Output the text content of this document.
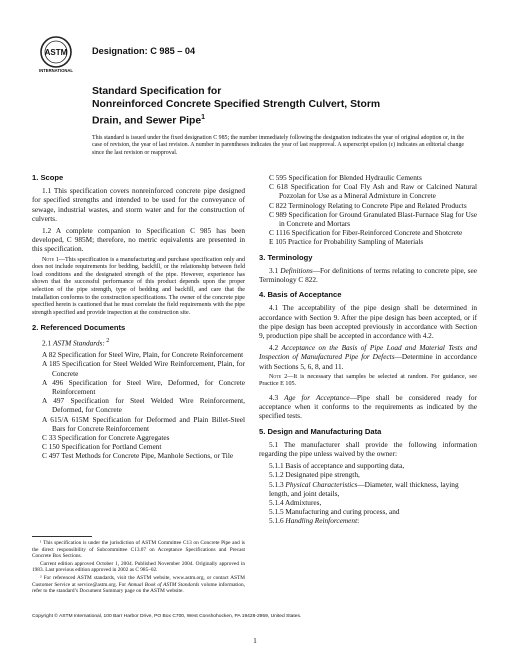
ASTM
INTERNATIONAL
Designation: C 985 – 04
Standard Specification for
Nonreinforced Concrete Specified Strength Culvert, Storm
Drain, and Sewer Pipe$^1$
This standard is issued under the fixed designation C 985; the number immediately following the designation indicates the year of original adoption or, in the case of revision, the year of last revision. A number in parentheses indicates the year of last reapproval. A superscript epsilon (ε) indicates an editorial change since the last revision or reapproval.
1. Scope

1.1 This specification covers nonreinforced concrete pipe designed for specified strengths and intended to be used for the conveyance of sewage, industrial wastes, and storm water and for the construction of culverts.

1.2 A complete companion to Specification C 985 has been developed, C 985M; therefore, no metric equivalents are presented in this specification.

Note 1—This specification is a manufacturing and purchase specification only and does not include requirements for bedding, backfill, or the relationship between field load conditions and the designated strength of the pipe. However, experience has shown that the successful performance of this product depends upon the proper selection of the pipe strength, type of bedding and backfill, and care that the installation conforms to the construction specifications. The owner of the concrete pipe specified herein is cautioned that he must correlate the field requirements with the pipe strength specified and provide inspection at the construction site.

2. Referenced Documents

2.1 ASTM Standards: $^2$

A 82 Specification for Steel Wire, Plain, for Concrete Reinforcement
A 185 Specification for Steel Welded Wire Reinforcement, Plain, for Concrete
A 496 Specification for Steel Wire, Deformed, for Concrete Reinforcement
A 497 Specification for Steel Welded Wire Reinforcement, Deformed, for Concrete
A 615/A 615M Specification for Deformed and Plain Billet-Steel Bars for Concrete Reinforcement
C 33 Specification for Concrete Aggregates
C 150 Specification for Portland Cement
C 497 Test Methods for Concrete Pipe, Manhole Sections, or Tile
C 595 Specification for Blended Hydraulic Cements
C 618 Specification for Coal Fly Ash and Raw or Calcined Natural Pozzolan for Use as a Mineral Admixture in Concrete
C 822 Terminology Relating to Concrete Pipe and Related Products
C 989 Specification for Ground Granulated Blast-Furnace Slag for Use in Concrete and Mortars
C 1116 Specification for Fiber-Reinforced Concrete and Shotcrete
E 105 Practice for Probability Sampling of Materials
3. Terminology

3.1 Definitions—For definitions of terms relating to concrete pipe, see Terminology C 822.

4. Basis of Acceptance

4.1 The acceptability of the pipe design shall be determined in accordance with Section 9. After the pipe design has been accepted, or if the pipe design has been accepted previously in accordance with Section 9, production pipe shall be accepted in accordance with 4.2.

4.2 Acceptance on the Basis of Pipe Load and Material Tests and Inspection of Manufactured Pipe for Defects—Determine in accordance with Sections 5, 6, 8, and 11.

Note 2—It is necessary that samples be selected at random. For guidance, see Practice E 105.

4.3 Age for Acceptance—Pipe shall be considered ready for acceptance when it conforms to the requirements as indicated by the specified tests.

5. Design and Manufacturing Data

5.1 The manufacturer shall provide the following information regarding the pipe unless waived by the owner:

5.1.1 Basis of acceptance and supporting data,
5.1.2 Designated pipe strength,
5.1.3 Physical Characteristics—Diameter, wall thickness, laying length, and joint details,
5.1.4 Admixtures,
5.1.5 Manufacturing and curing process, and
5.1.6 Handling Reinforcement:

¹ This specification is under the jurisdiction of ASTM Committee C13 on Concrete Pipe and is the direct responsibility of Subcommittee C13.07 on Acceptance Specifications and Precast Concrete Box Sections.

Current edition approved October 1, 2004. Published November 2004. Originally approved in 1983. Last previous edition approved in 2002 as C 985–02.

² For referenced ASTM standards, visit the ASTM website, www.astm.org, or contact ASTM Customer Service at service@astm.org. For Annual Book of ASTM Standards volume information, refer to the standard’s Document Summary page on the ASTM website.

Copyright © ASTM International, 100 Barr Harbor Drive, PO Box C700, West Conshohocken, PA 19428-2959, United States.
1
